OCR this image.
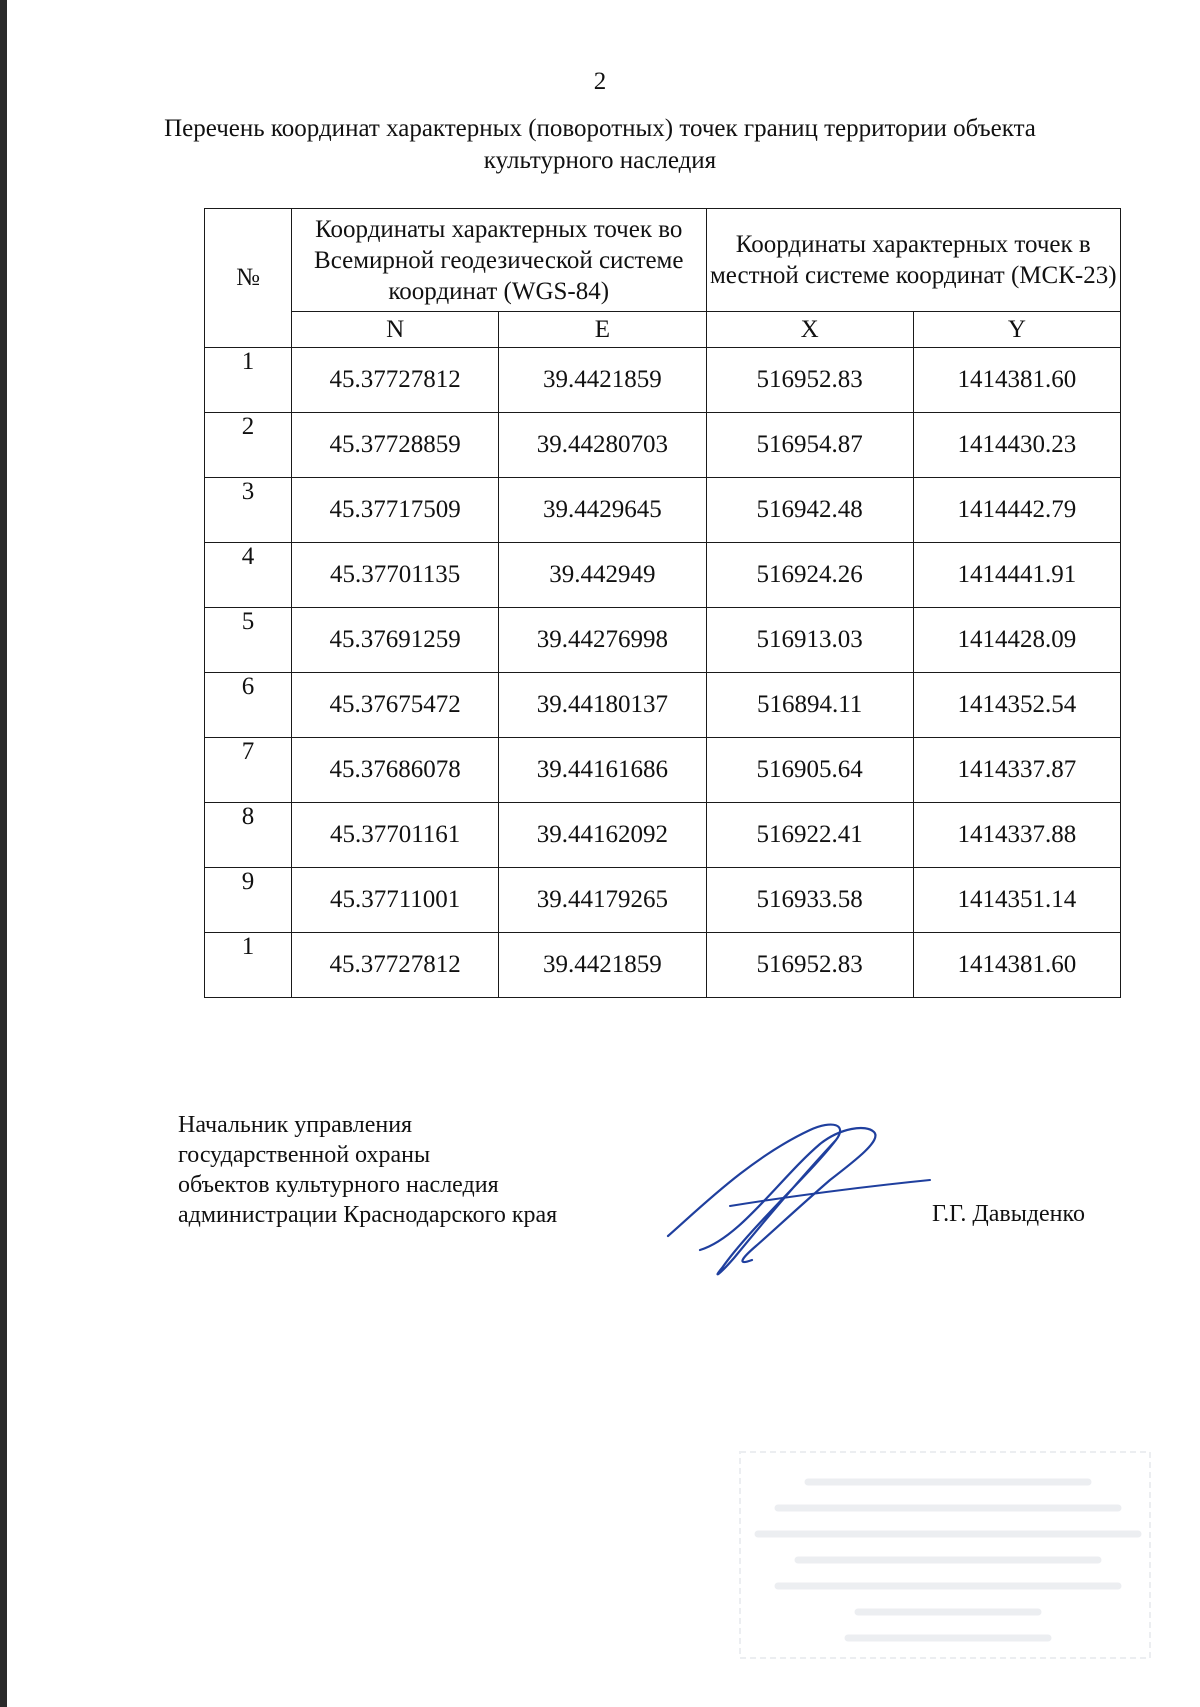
2
Перечень координат характерных (поворотных) точек границ территории объекта культурного наследия
№	Координаты характерных точек во Всемирной геодезической системе координат (WGS-84)		Координаты характерных точек в местной системе координат (МСК-23)	
	N	E	X	Y
1	45.37727812	39.4421859	516952.83	1414381.60
2	45.37728859	39.44280703	516954.87	1414430.23
3	45.37717509	39.4429645	516942.48	1414442.79
4	45.37701135	39.442949	516924.26	1414441.91
5	45.37691259	39.44276998	516913.03	1414428.09
6	45.37675472	39.44180137	516894.11	1414352.54
7	45.37686078	39.44161686	516905.64	1414337.87
8	45.37701161	39.44162092	516922.41	1414337.88
9	45.37711001	39.44179265	516933.58	1414351.14
1	45.37727812	39.4421859	516952.83	1414381.60
Начальник управления
государственной охраны
объектов культурного наследия
администрации Краснодарского края	Г.Г. Давыденко
